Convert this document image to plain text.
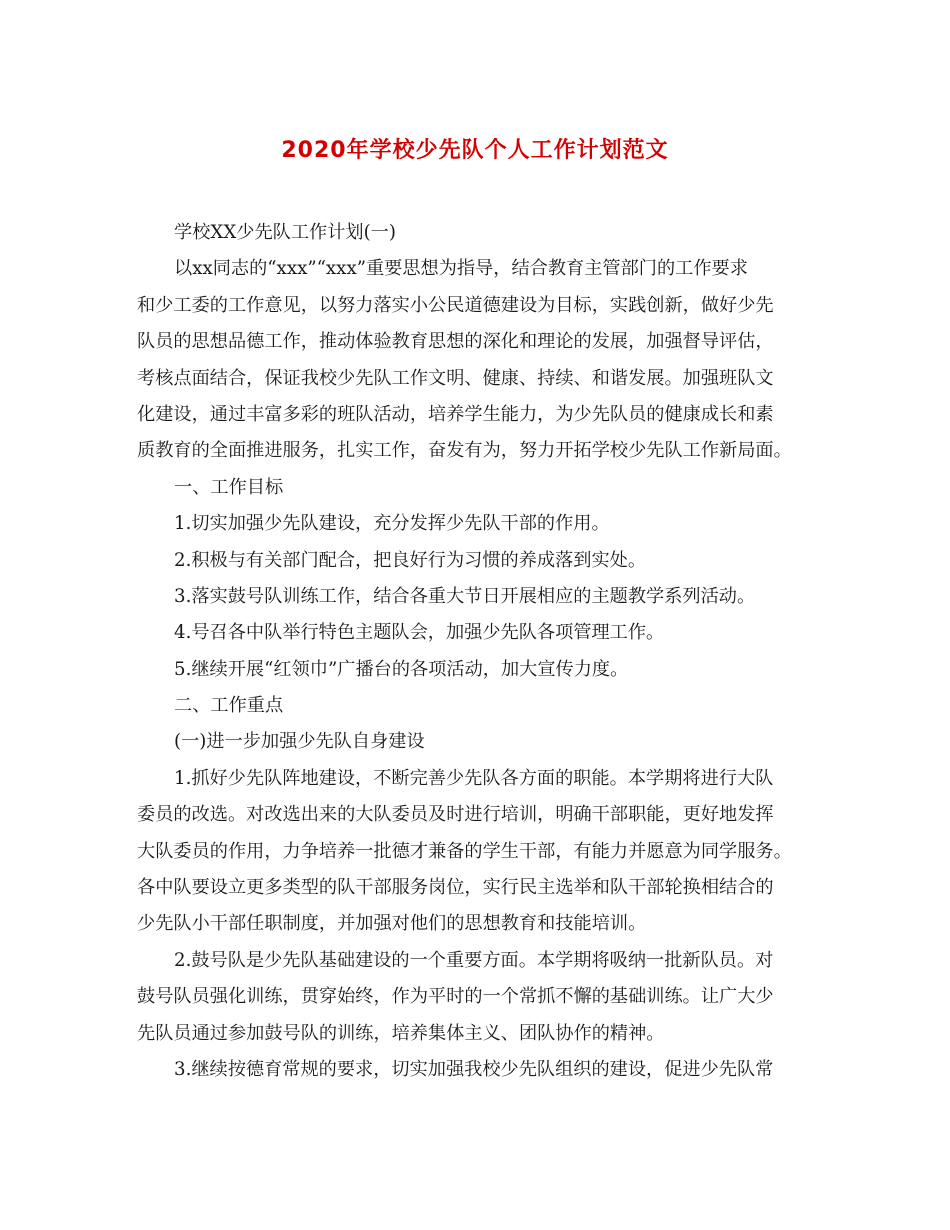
2020年学校少先队个人工作计划范文
学校XX少先队工作计划(一)
以xx同志的“xxx”“xxx”重要思想为指导，结合教育主管部门的工作要求
和少工委的工作意见，以努力落实小公民道德建设为目标，实践创新，做好少先
队员的思想品德工作，推动体验教育思想的深化和理论的发展，加强督导评估，
考核点面结合，保证我校少先队工作文明、健康、持续、和谐发展。加强班队文
化建设，通过丰富多彩的班队活动，培养学生能力，为少先队员的健康成长和素
质教育的全面推进服务，扎实工作，奋发有为，努力开拓学校少先队工作新局面。
一、工作目标
1.切实加强少先队建设，充分发挥少先队干部的作用。
2.积极与有关部门配合，把良好行为习惯的养成落到实处。
3.落实鼓号队训练工作，结合各重大节日开展相应的主题教学系列活动。
4.号召各中队举行特色主题队会，加强少先队各项管理工作。
5.继续开展“红领巾”广播台的各项活动，加大宣传力度。
二、工作重点
(一)进一步加强少先队自身建设
1.抓好少先队阵地建设，不断完善少先队各方面的职能。本学期将进行大队
委员的改选。对改选出来的大队委员及时进行培训，明确干部职能，更好地发挥
大队委员的作用，力争培养一批德才兼备的学生干部，有能力并愿意为同学服务。
各中队要设立更多类型的队干部服务岗位，实行民主选举和队干部轮换相结合的
少先队小干部任职制度，并加强对他们的思想教育和技能培训。
2.鼓号队是少先队基础建设的一个重要方面。本学期将吸纳一批新队员。对
鼓号队员强化训练，贯穿始终，作为平时的一个常抓不懈的基础训练。让广大少
先队员通过参加鼓号队的训练，培养集体主义、团队协作的精神。
3.继续按德育常规的要求，切实加强我校少先队组织的建设，促进少先队常
